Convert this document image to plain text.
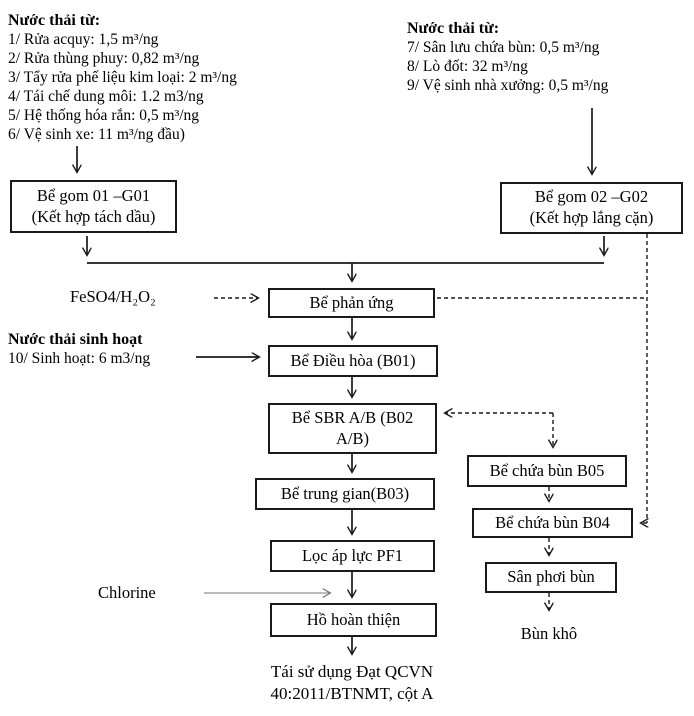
Nước thải từ:
1/ Rửa acquy: 1,5 m³/ng
2/ Rửa thùng phuy: 0,82 m³/ng
3/ Tẩy rửa phế liệu kim loại: 2 m³/ng
4/ Tái chế dung môi: 1.2 m3/ng
5/ Hệ thống hóa rắn: 0,5 m³/ng
6/ Vệ sinh xe: 11 m³/ng đầu)
Nước thải từ:
7/ Sân lưu chứa bùn: 0,5 m³/ng
8/ Lò đốt: 32 m³/ng
9/ Vệ sinh nhà xưởng: 0,5 m³/ng
Bể gom 01 –G01
(Kết hợp tách dầu)
Bể gom 02 –G02
(Kết hợp lắng cặn)
FeSO4/H₂O₂
Chlorine
Nước thải sinh hoạt
10/ Sinh hoạt: 6 m3/ng
Bể phản ứng
Bể Điều hòa (B01)
Bể SBR A/B (B02 A/B)
Bể trung gian(B03)
Lọc áp lực PF1
Hồ hoàn thiện
Bể chứa bùn B05
Bể chứa bùn B04
Sân phơi bùn
Bùn khô
Tái sử dụng Đạt QCVN
40:2011/BTNMT, cột A
